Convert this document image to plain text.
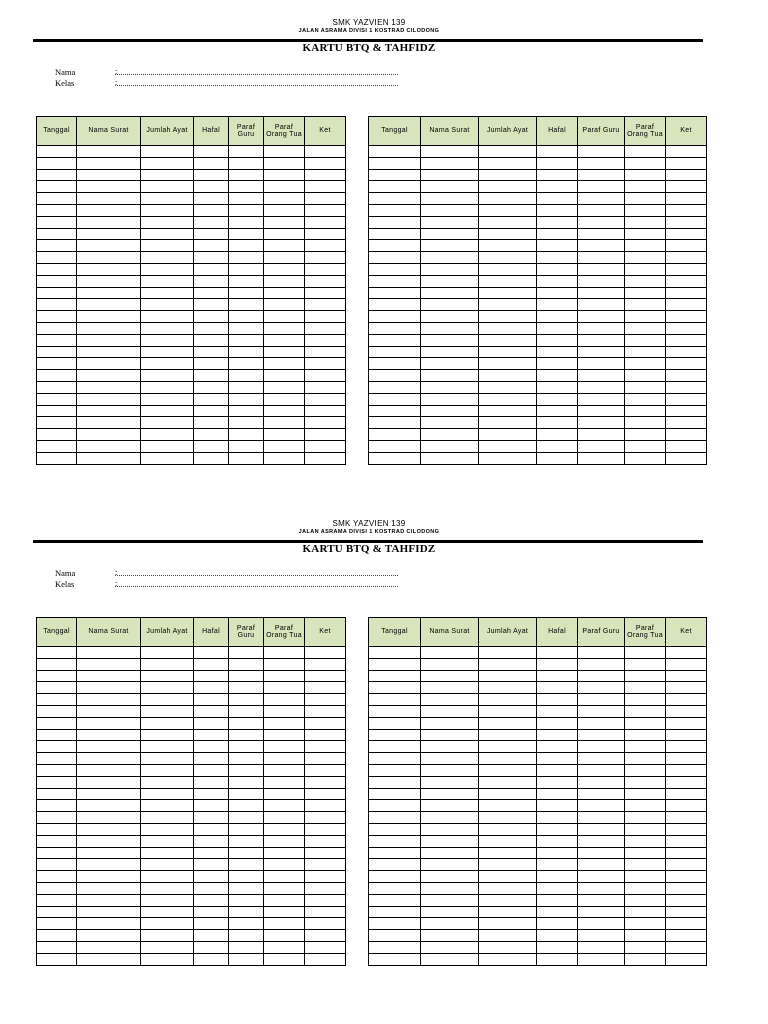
SMK YAZVIEN 139
JALAN ASRAMA DIVISI 1 KOSTRAD CILODONG
KARTU BTQ & TAHFIDZ
Nama	:
Kelas	:
Tanggal	Nama Surat	Jumlah Ayat	Hafal	Paraf Guru	Paraf Orang Tua	Ket

							Tanggal	Nama Surat	Jumlah Ayat	Hafal	Paraf Guru	Paraf Orang Tua	Ket

SMK YAZVIEN 139
JALAN ASRAMA DIVISI 1 KOSTRAD CILODONG
KARTU BTQ & TAHFIDZ
Nama	:
Kelas	:
Tanggal	Nama Surat	Jumlah Ayat	Hafal	Paraf Guru	Paraf Orang Tua	Ket

							Tanggal	Nama Surat	Jumlah Ayat	Hafal	Paraf Guru	Paraf Orang Tua	Ket
